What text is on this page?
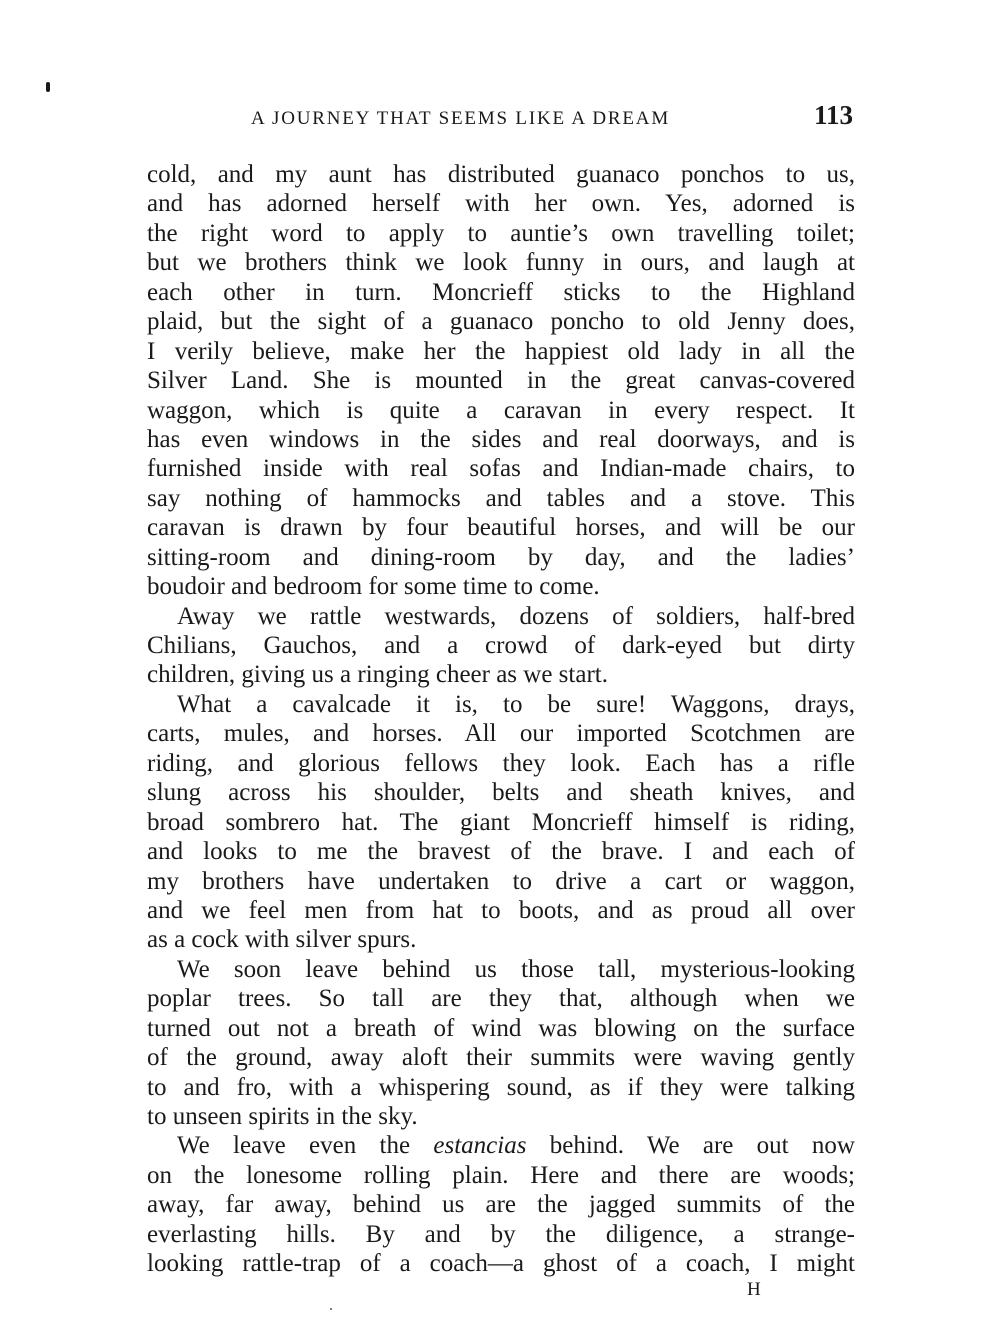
A JOURNEY THAT SEEMS LIKE A DREAM	113
cold, and my aunt has distributed guanaco ponchos to us,
and has adorned herself with her own. Yes, adorned is
the right word to apply to auntie’s own travelling toilet;
but we brothers think we look funny in ours, and laugh at
each other in turn. Moncrieff sticks to the Highland
plaid, but the sight of a guanaco poncho to old Jenny does,
I verily believe, make her the happiest old lady in all the
Silver Land. She is mounted in the great canvas-covered
waggon, which is quite a caravan in every respect. It
has even windows in the sides and real doorways, and is
furnished inside with real sofas and Indian-made chairs, to
say nothing of hammocks and tables and a stove. This
caravan is drawn by four beautiful horses, and will be our
sitting-room and dining-room by day, and the ladies’
boudoir and bedroom for some time to come.
Away we rattle westwards, dozens of soldiers, half-bred
Chilians, Gauchos, and a crowd of dark-eyed but dirty
children, giving us a ringing cheer as we start.
What a cavalcade it is, to be sure! Waggons, drays,
carts, mules, and horses. All our imported Scotchmen are
riding, and glorious fellows they look. Each has a rifle
slung across his shoulder, belts and sheath knives, and
broad sombrero hat. The giant Moncrieff himself is riding,
and looks to me the bravest of the brave. I and each of
my brothers have undertaken to drive a cart or waggon,
and we feel men from hat to boots, and as proud all over
as a cock with silver spurs.
We soon leave behind us those tall, mysterious-looking
poplar trees. So tall are they that, although when we
turned out not a breath of wind was blowing on the surface
of the ground, away aloft their summits were waving gently
to and fro, with a whispering sound, as if they were talking
to unseen spirits in the sky.
We leave even the estancias behind. We are out now
on the lonesome rolling plain. Here and there are woods;
away, far away, behind us are the jagged summits of the
everlasting hills. By and by the diligence, a strange-
looking rattle-trap of a coach—a ghost of a coach, I might
H
